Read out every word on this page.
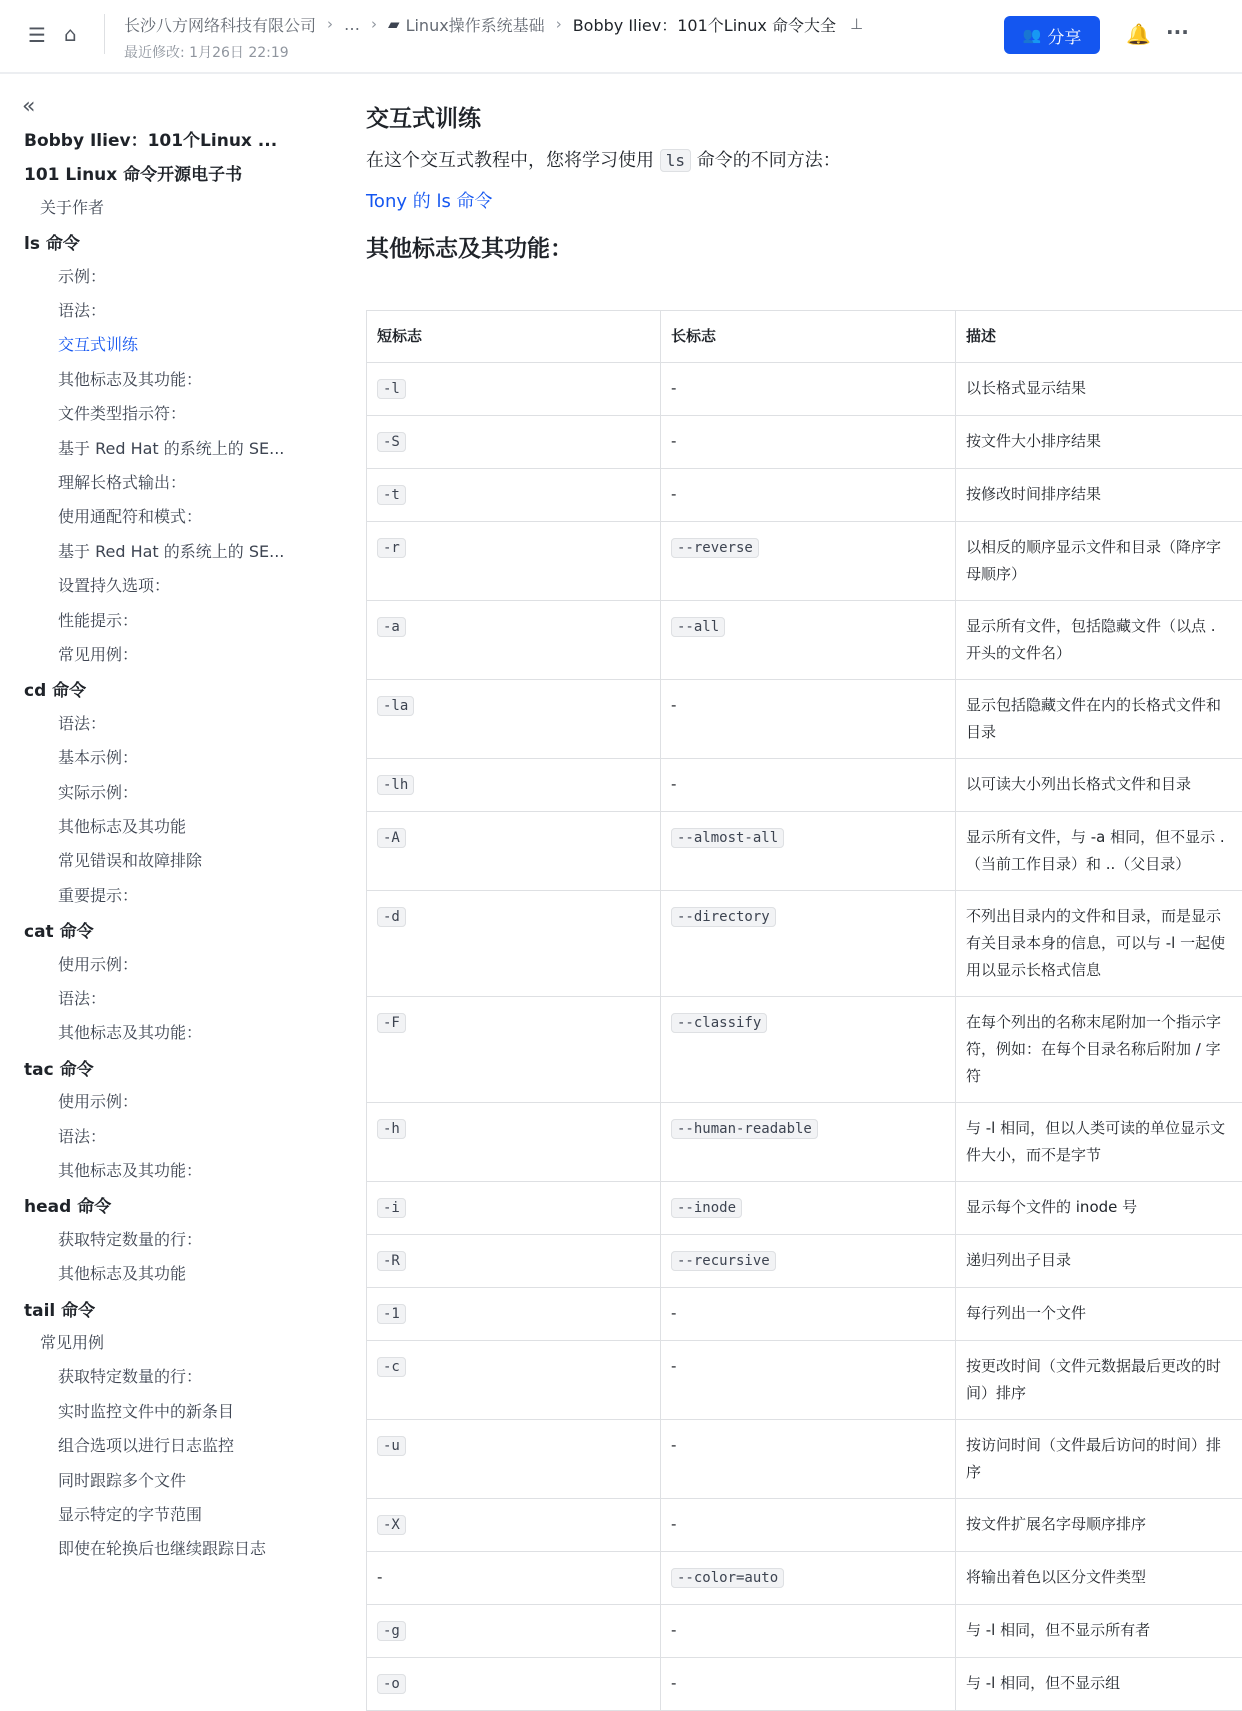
☰ ⌂	长沙八方网络科技有限公司 › … › ▰ Linux操作系统基础 › Bobby Iliev：101个Linux 命令大全 ⊥
最近修改: 1月26日 22:19
👥 分享 🔔 ···
«
Bobby Iliev：101个Linux ...
101 Linux 命令开源电子书
关于作者
ls 命令
示例：
语法：
交互式训练
其他标志及其功能：
文件类型指示符：
基于 Red Hat 的系统上的 SE...
理解长格式输出：
使用通配符和模式：
基于 Red Hat 的系统上的 SE...
设置持久选项：
性能提示：
常见用例：
cd 命令
语法：
基本示例：
实际示例：
其他标志及其功能
常见错误和故障排除
重要提示：
cat 命令
使用示例：
语法：
其他标志及其功能：
tac 命令
使用示例：
语法：
其他标志及其功能：
head 命令
获取特定数量的行：
其他标志及其功能
tail 命令
常见用例
获取特定数量的行：
实时监控文件中的新条目
组合选项以进行日志监控
同时跟踪多个文件
显示特定的字节范围
即使在轮换后也继续跟踪日志
交互式训练
在这个交互式教程中，您将学习使用 ls 命令的不同方法：
Tony 的 ls 命令
其他标志及其功能：
短标志	长标志	描述
-l	-	以长格式显示结果
-S	-	按文件大小排序结果
-t	-	按修改时间排序结果
-r	--reverse	以相反的顺序显示文件和目录（降序字母顺序）
-a	--all	显示所有文件，包括隐藏文件（以点 . 开头的文件名）
-la	-	显示包括隐藏文件在内的长格式文件和目录
-lh	-	以可读大小列出长格式文件和目录
-A	--almost-all	显示所有文件，与 -a 相同，但不显示 .（当前工作目录）和 ..（父目录）
-d	--directory	不列出目录内的文件和目录，而是显示有关目录本身的信息，可以与 -l 一起使用以显示长格式信息
-F	--classify	在每个列出的名称末尾附加一个指示字符，例如：在每个目录名称后附加 / 字符
-h	--human-readable	与 -l 相同，但以人类可读的单位显示文件大小，而不是字节
-i	--inode	显示每个文件的 inode 号
-R	--recursive	递归列出子目录
-1	-	每行列出一个文件
-c	-	按更改时间（文件元数据最后更改的时间）排序
-u	-	按访问时间（文件最后访问的时间）排序
-X	-	按文件扩展名字母顺序排序
-	--color=auto	将输出着色以区分文件类型
-g	-	与 -l 相同，但不显示所有者
-o	-	与 -l 相同，但不显示组
